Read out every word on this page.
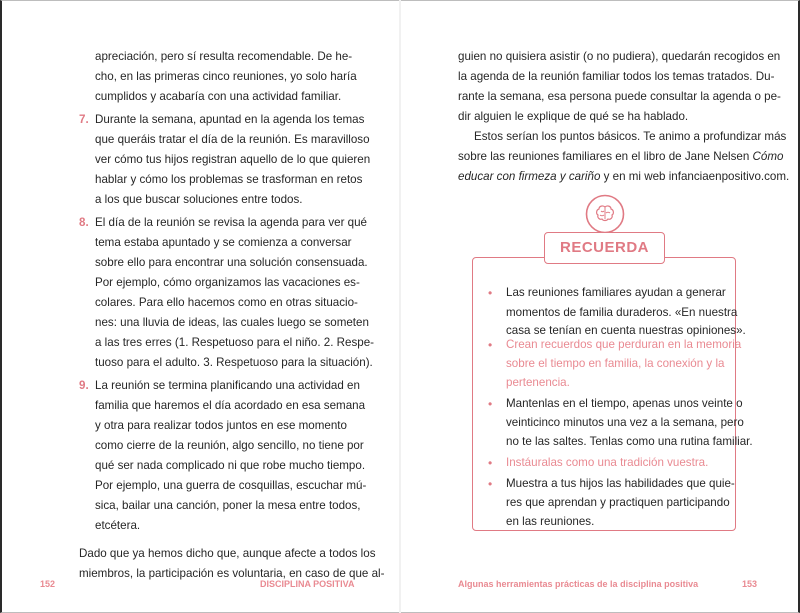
apreciación, pero sí resulta recomendable. De he-
cho, en las primeras cinco reuniones, yo solo haría
cumplidos y acabaría con una actividad familiar.
7. Durante la semana, apuntad en la agenda los temas
que queráis tratar el día de la reunión. Es maravilloso
ver cómo tus hijos registran aquello de lo que quieren
hablar y cómo los problemas se trasforman en retos
a los que buscar soluciones entre todos.
8. El día de la reunión se revisa la agenda para ver qué
tema estaba apuntado y se comienza a conversar
sobre ello para encontrar una solución consensuada.
Por ejemplo, cómo organizamos las vacaciones es-
colares. Para ello hacemos como en otras situacio-
nes: una lluvia de ideas, las cuales luego se someten
a las tres erres (1. Respetuoso para el niño. 2. Respe-
tuoso para el adulto. 3. Respetuoso para la situación).
9. La reunión se termina planificando una actividad en
familia que haremos el día acordado en esa semana
y otra para realizar todos juntos en ese momento
como cierre de la reunión, algo sencillo, no tiene por
qué ser nada complicado ni que robe mucho tiempo.
Por ejemplo, una guerra de cosquillas, escuchar mú-
sica, bailar una canción, poner la mesa entre todos,
etcétera.
Dado que ya hemos dicho que, aunque afecte a todos los
miembros, la participación es voluntaria, en caso de que al-
152	DISCIPLINA POSITIVA
guien no quisiera asistir (o no pudiera), quedarán recogidos en
la agenda de la reunión familiar todos los temas tratados. Du-
rante la semana, esa persona puede consultar la agenda o pe-
dir alguien le explique de qué se ha hablado.
Estos serían los puntos básicos. Te animo a profundizar más
sobre las reuniones familiares en el libro de Jane Nelsen Cómo
educar con firmeza y cariño y en mi web infanciaenpositivo.com.
RECUERDA
• Las reuniones familiares ayudan a generar
momentos de familia duraderos. «En nuestra
casa se tenían en cuenta nuestras opiniones».
• Crean recuerdos que perduran en la memoria
sobre el tiempo en familia, la conexión y la
pertenencia.
• Mantenlas en el tiempo, apenas unos veinte o
veinticinco minutos una vez a la semana, pero
no te las saltes. Tenlas como una rutina familiar.
• Instáuralas como una tradición vuestra.
• Muestra a tus hijos las habilidades que quie-
res que aprendan y practiquen participando
en las reuniones.
Algunas herramientas prácticas de la disciplina positiva	153
